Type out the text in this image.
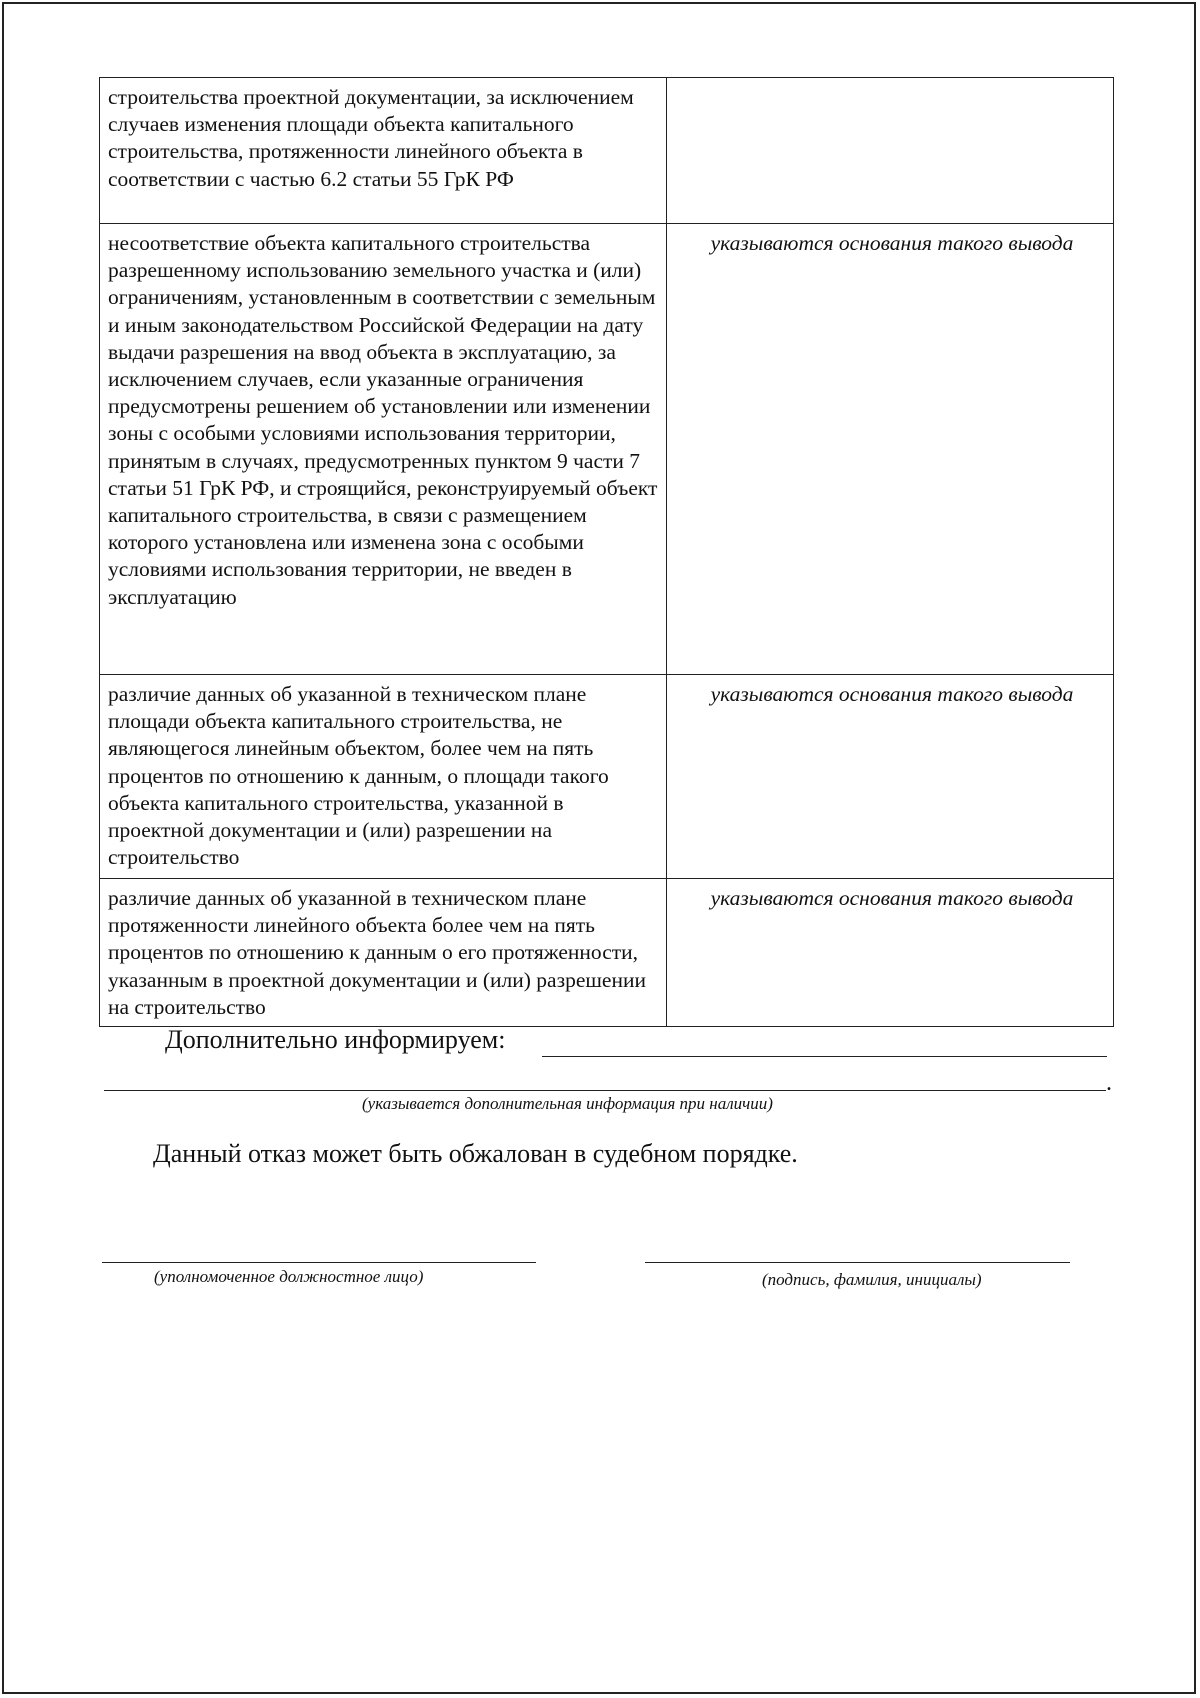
строительства проектной документации, за исключением случаев изменения площади объекта капитального строительства, протяженности линейного объекта в соответствии с частью 6.2 статьи 55 ГрК РФ	
несоответствие объекта капитального строительства разрешенному использованию земельного участка и (или) ограничениям, установленным в соответствии с земельным и иным законодательством Российской Федерации на дату выдачи разрешения на ввод объекта в эксплуатацию, за исключением случаев, если указанные ограничения предусмотрены решением об установлении или изменении зоны с особыми условиями использования территории, принятым в случаях, предусмотренных пунктом 9 части 7 статьи 51 ГрК РФ, и строящийся, реконструируемый объект капитального строительства, в связи с размещением которого установлена или изменена зона с особыми условиями использования территории, не введен в эксплуатацию	указываются основания такого вывода
различие данных об указанной в техническом плане площади объекта капитального строительства, не являющегося линейным объектом, более чем на пять процентов по отношению к данным, о площади такого объекта капитального строительства, указанной в проектной документации и (или) разрешении на строительство	указываются основания такого вывода
различие данных об указанной в техническом плане протяженности линейного объекта более чем на пять процентов по отношению к данным о его протяженности, указанным в проектной документации и (или) разрешении на строительство	указываются основания такого вывода
Дополнительно информируем:
.
(указывается дополнительная информация при наличии)
Данный отказ может быть обжалован в судебном порядке.
(уполномоченное должностное лицо)	(подпись, фамилия, инициалы)
